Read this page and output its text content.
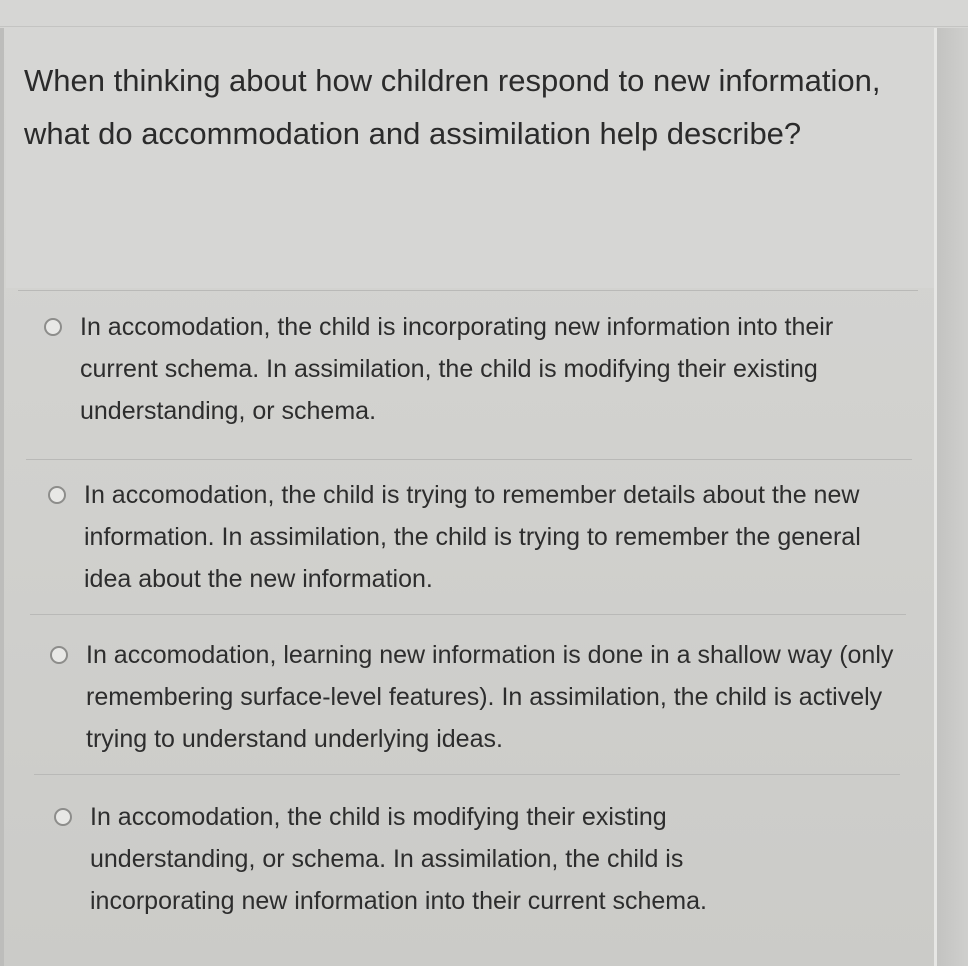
When thinking about how children respond to new information, what do accommodation and assimilation help describe?

In accomodation, the child is incorporating new information into their current schema. In assimilation, the child is modifying their existing understanding, or schema.
In accomodation, the child is trying to remember details about the new information. In assimilation, the child is trying to remember the general idea about the new information.
In accomodation, learning new information is done in a shallow way (only remembering surface-level features). In assimilation, the child is actively trying to understand underlying ideas.
In accomodation, the child is modifying their existing understanding, or schema. In assimilation, the child is incorporating new information into their current schema.
